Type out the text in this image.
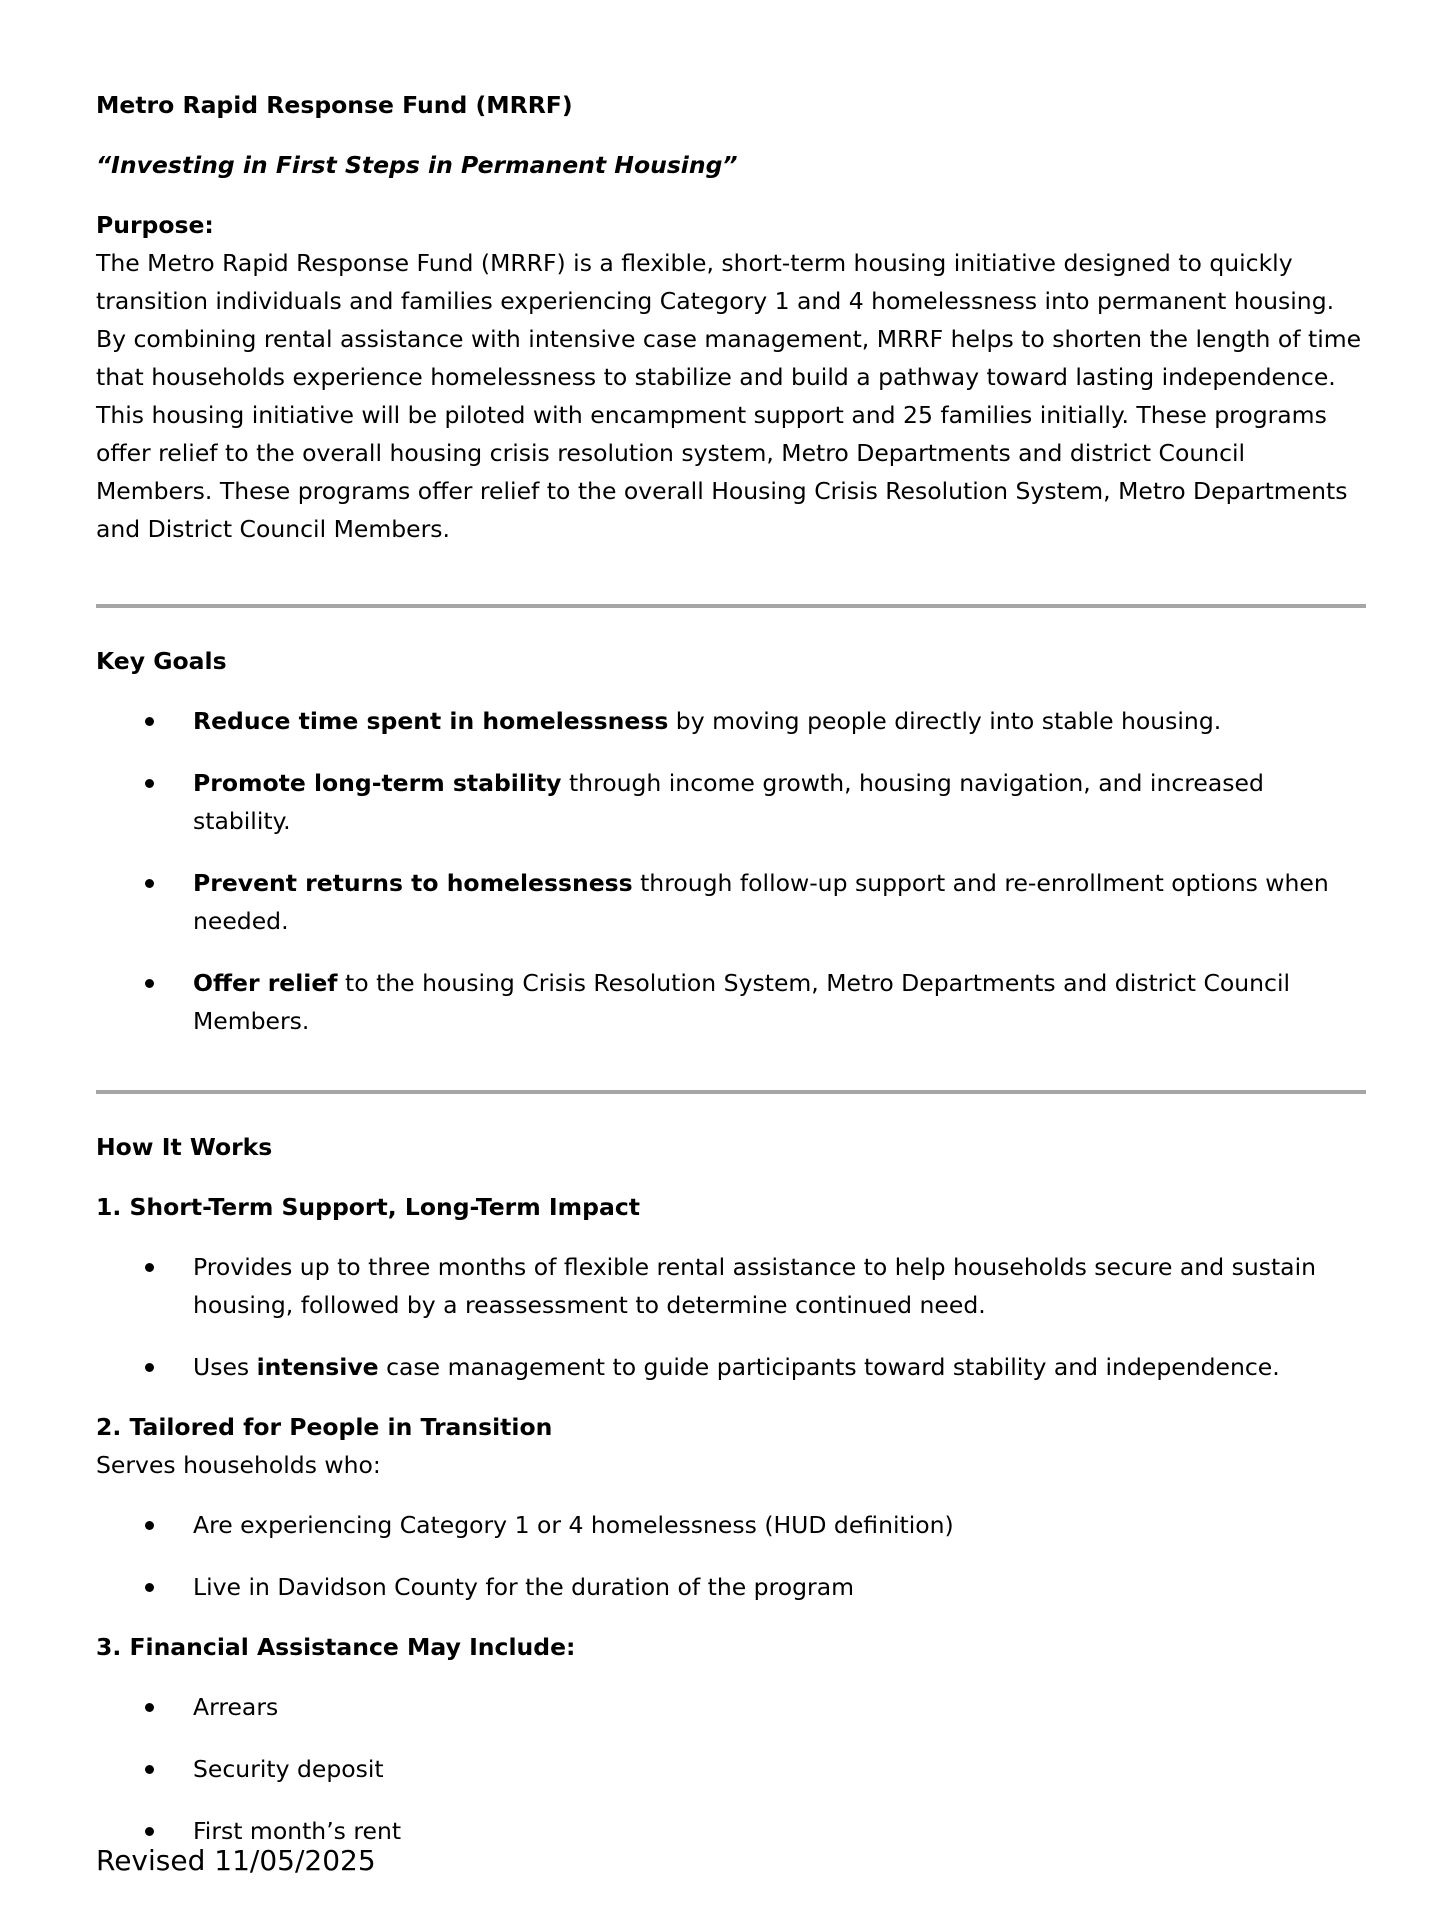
Metro Rapid Response Fund (MRRF)

“Investing in First Steps in Permanent Housing”

Purpose:

The Metro Rapid Response Fund (MRRF) is a flexible, short-term housing initiative designed to quickly transition individuals and families experiencing Category 1 and 4 homelessness into permanent housing. By combining rental assistance with intensive case management, MRRF helps to shorten the length of time that households experience homelessness to stabilize and build a pathway toward lasting independence. This housing initiative will be piloted with encampment support and 25 families initially. These programs offer relief to the overall housing crisis resolution system, Metro Departments and district Council Members. These programs offer relief to the overall Housing Crisis Resolution System, Metro Departments and District Council Members.

Key Goals

Reduce time spent in homelessness by moving people directly into stable housing.
Promote long-term stability through income growth, housing navigation, and increased stability.
Prevent returns to homelessness through follow-up support and re-enrollment options when needed.
Offer relief to the housing Crisis Resolution System, Metro Departments and district Council Members.

How It Works

1. Short-Term Support, Long-Term Impact

Provides up to three months of flexible rental assistance to help households secure and sustain housing, followed by a reassessment to determine continued need.
Uses intensive case management to guide participants toward stability and independence.

2. Tailored for People in Transition

Serves households who:

Are experiencing Category 1 or 4 homelessness (HUD definition)
Live in Davidson County for the duration of the program

3. Financial Assistance May Include:

Arrears
Security deposit
First month’s rent
Revised 11/05/2025
